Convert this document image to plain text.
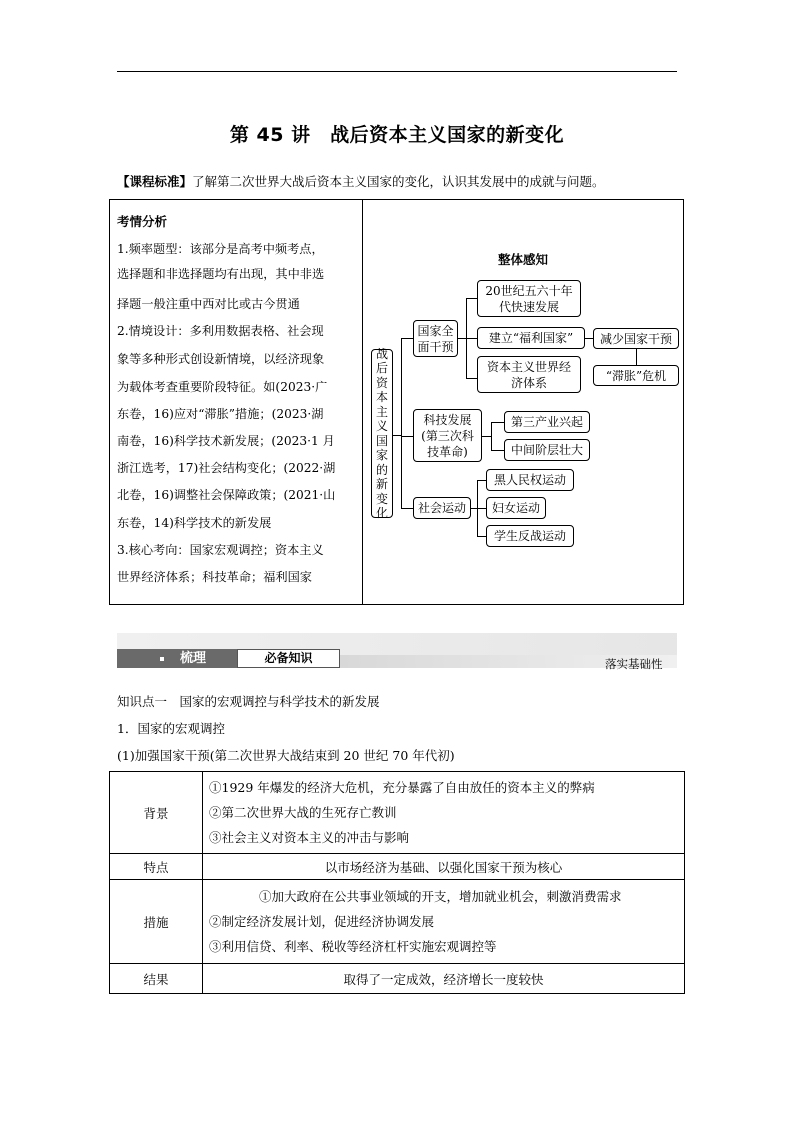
第 45 讲　战后资本主义国家的新变化
【课程标准】了解第二次世界大战后资本主义国家的变化，认识其发展中的成就与问题。
考情分析
1.频率题型：该部分是高考中频考点，
选择题和非选择题均有出现，其中非选
择题一般注重中西对比或古今贯通
2.情境设计：多利用数据表格、社会现
象等多种形式创设新情境，以经济现象
为载体考查重要阶段特征。如(2023·广
东卷，16)应对“滞胀”措施；(2023·湖
南卷，16)科学技术新发展；(2023·1 月
浙江选考，17)社会结构变化；(2022·湖
北卷，16)调整社会保障政策；(2021·山
东卷，14)科学技术的新发展
3.核心考向：国家宏观调控；资本主义
世界经济体系；科技革命；福利国家
整体感知
战
后
资
本
主
义
国
家
的
新
变
化
国家全
面干预
20世纪五六十年
代快速发展
建立“福利国家”
资本主义世界经
济体系
减少国家干预
“滞胀”危机
科技发展
(第三次科
技革命)
第三产业兴起
中间阶层壮大
社会运动
黑人民权运动
妇女运动
学生反战运动
梳理	必备知识	落实基础性
知识点一　国家的宏观调控与科学技术的新发展
1．国家的宏观调控
(1)加强国家干预(第二次世界大战结束到 20 世纪 70 年代初)
背景	①1929 年爆发的经济大危机，充分暴露了自由放任的资本主义的弊病
②第二次世界大战的生死存亡教训
③社会主义对资本主义的冲击与影响

特点	以市场经济为基础、以强化国家干预为核心
措施	①加大政府在公共事业领域的开支，增加就业机会，刺激消费需求
②制定经济发展计划，促进经济协调发展
③利用信贷、利率、税收等经济杠杆实施宏观调控等

结果	取得了一定成效，经济增长一度较快
